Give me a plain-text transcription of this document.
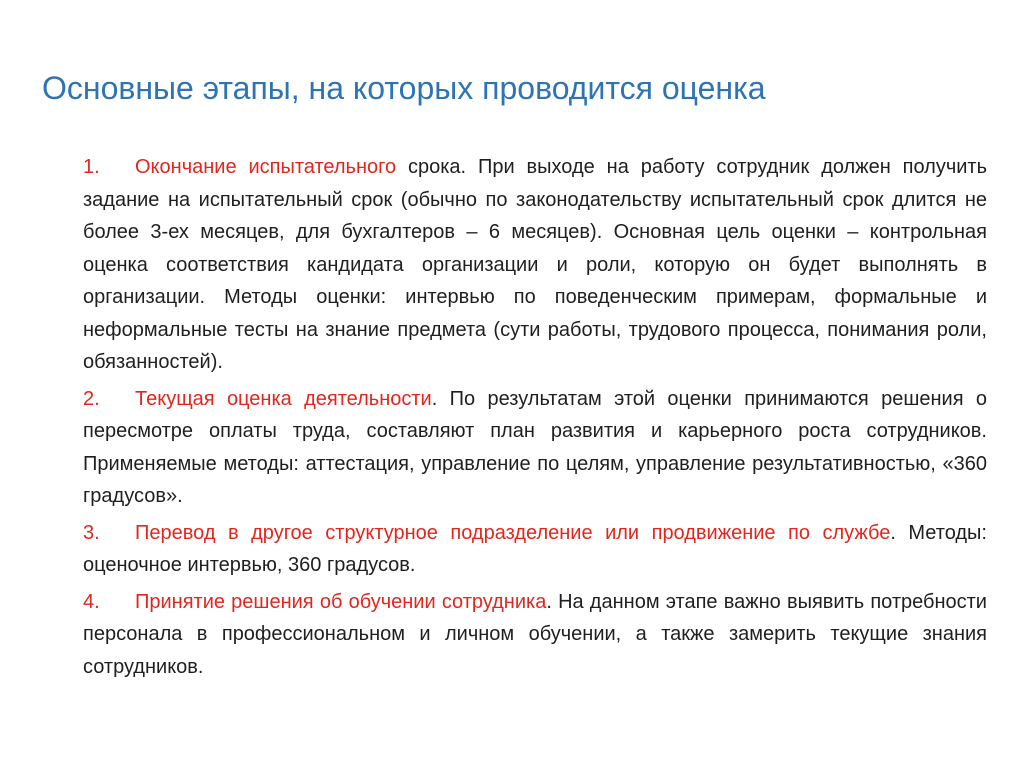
Основные этапы, на которых проводится оценка

1. Окончание испытательного срока. При выходе на работу сотрудник должен получить задание на испытательный срок (обычно по законодательству испытательный срок длится не более 3-ех месяцев, для бухгалтеров – 6 месяцев). Основная цель оценки – контрольная оценка соответствия кандидата организации и роли, которую он будет выполнять в организации. Методы оценки: интервью по поведенческим примерам, формальные и неформальные тесты на знание предмета (сути работы, трудового процесса, понимания роли, обязанностей).

2. Текущая оценка деятельности. По результатам этой оценки принимаются решения о пересмотре оплаты труда, составляют план развития и карьерного роста сотрудников. Применяемые методы: аттестация, управление по целям, управление результативностью, «360 градусов».

3. Перевод в другое структурное подразделение или продвижение по службе. Методы: оценочное интервью, 360 градусов.

4. Принятие решения об обучении сотрудника. На данном этапе важно выявить потребности персонала в профессиональном и личном обучении, а также замерить текущие знания сотрудников.
